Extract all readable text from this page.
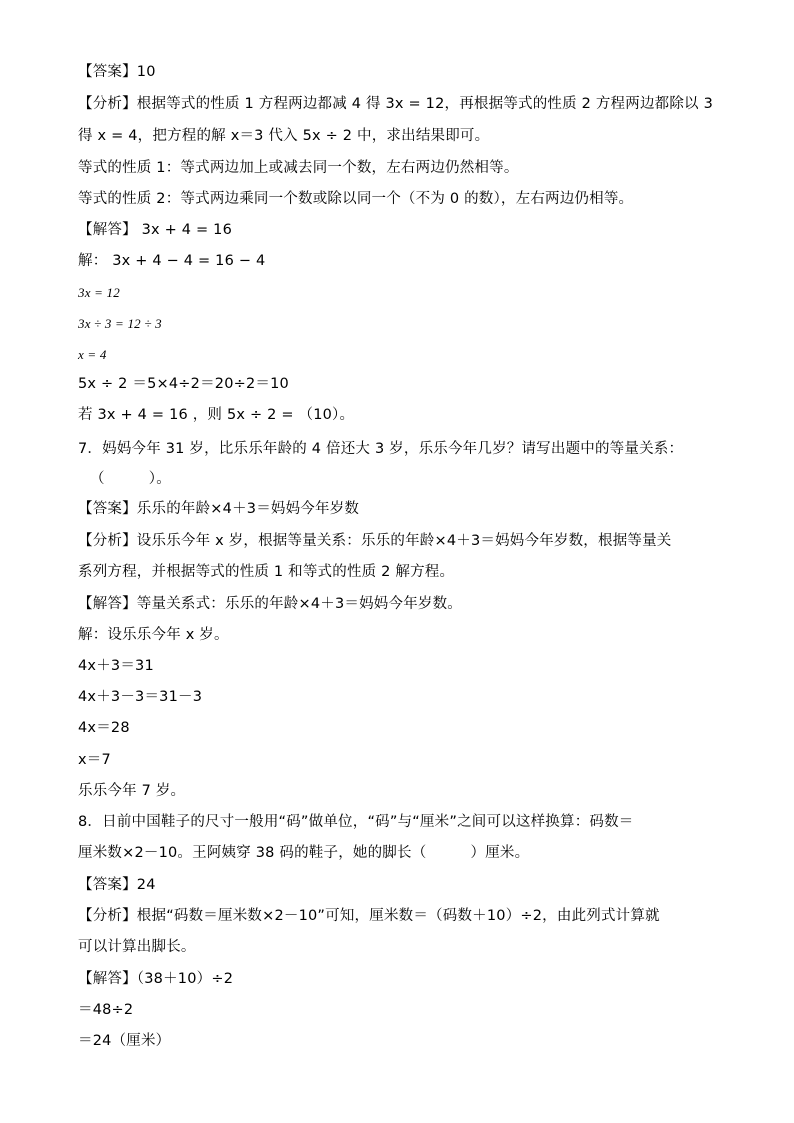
【答案】10
【分析】根据等式的性质 1 方程两边都减 4 得 3x = 12，再根据等式的性质 2 方程两边都除以 3
得 x = 4，把方程的解 x＝3 代入 5x ÷ 2 中，求出结果即可。
等式的性质 1：等式两边加上或减去同一个数，左右两边仍然相等。
等式的性质 2：等式两边乘同一个数或除以同一个（不为 0 的数），左右两边仍相等。
【解答】 3x + 4 = 16
解： 3x + 4 − 4 = 16 − 4
3x = 12
3x ÷ 3 = 12 ÷ 3
x = 4
5x ÷ 2 ＝5×4÷2＝20÷2＝10
若 3x + 4 = 16 ，则 5x ÷ 2 = （10）。
7．妈妈今年 31 岁，比乐乐年龄的 4 倍还大 3 岁，乐乐今年几岁？请写出题中的等量关系：
（　　　）。
【答案】乐乐的年龄×4＋3＝妈妈今年岁数
【分析】设乐乐今年 x 岁，根据等量关系：乐乐的年龄×4＋3＝妈妈今年岁数，根据等量关
系列方程，并根据等式的性质 1 和等式的性质 2 解方程。
【解答】等量关系式：乐乐的年龄×4＋3＝妈妈今年岁数。
解：设乐乐今年 x 岁。
4x＋3＝31
4x＋3－3＝31－3
4x＝28
x＝7
乐乐今年 7 岁。
8．日前中国鞋子的尺寸一般用“码”做单位，“码”与“厘米”之间可以这样换算：码数＝
厘米数×2－10。王阿姨穿 38 码的鞋子，她的脚长（　　　）厘米。
【答案】24
【分析】根据“码数＝厘米数×2－10”可知，厘米数＝（码数＋10）÷2，由此列式计算就
可以计算出脚长。
【解答】（38＋10）÷2
＝48÷2
＝24（厘米）
